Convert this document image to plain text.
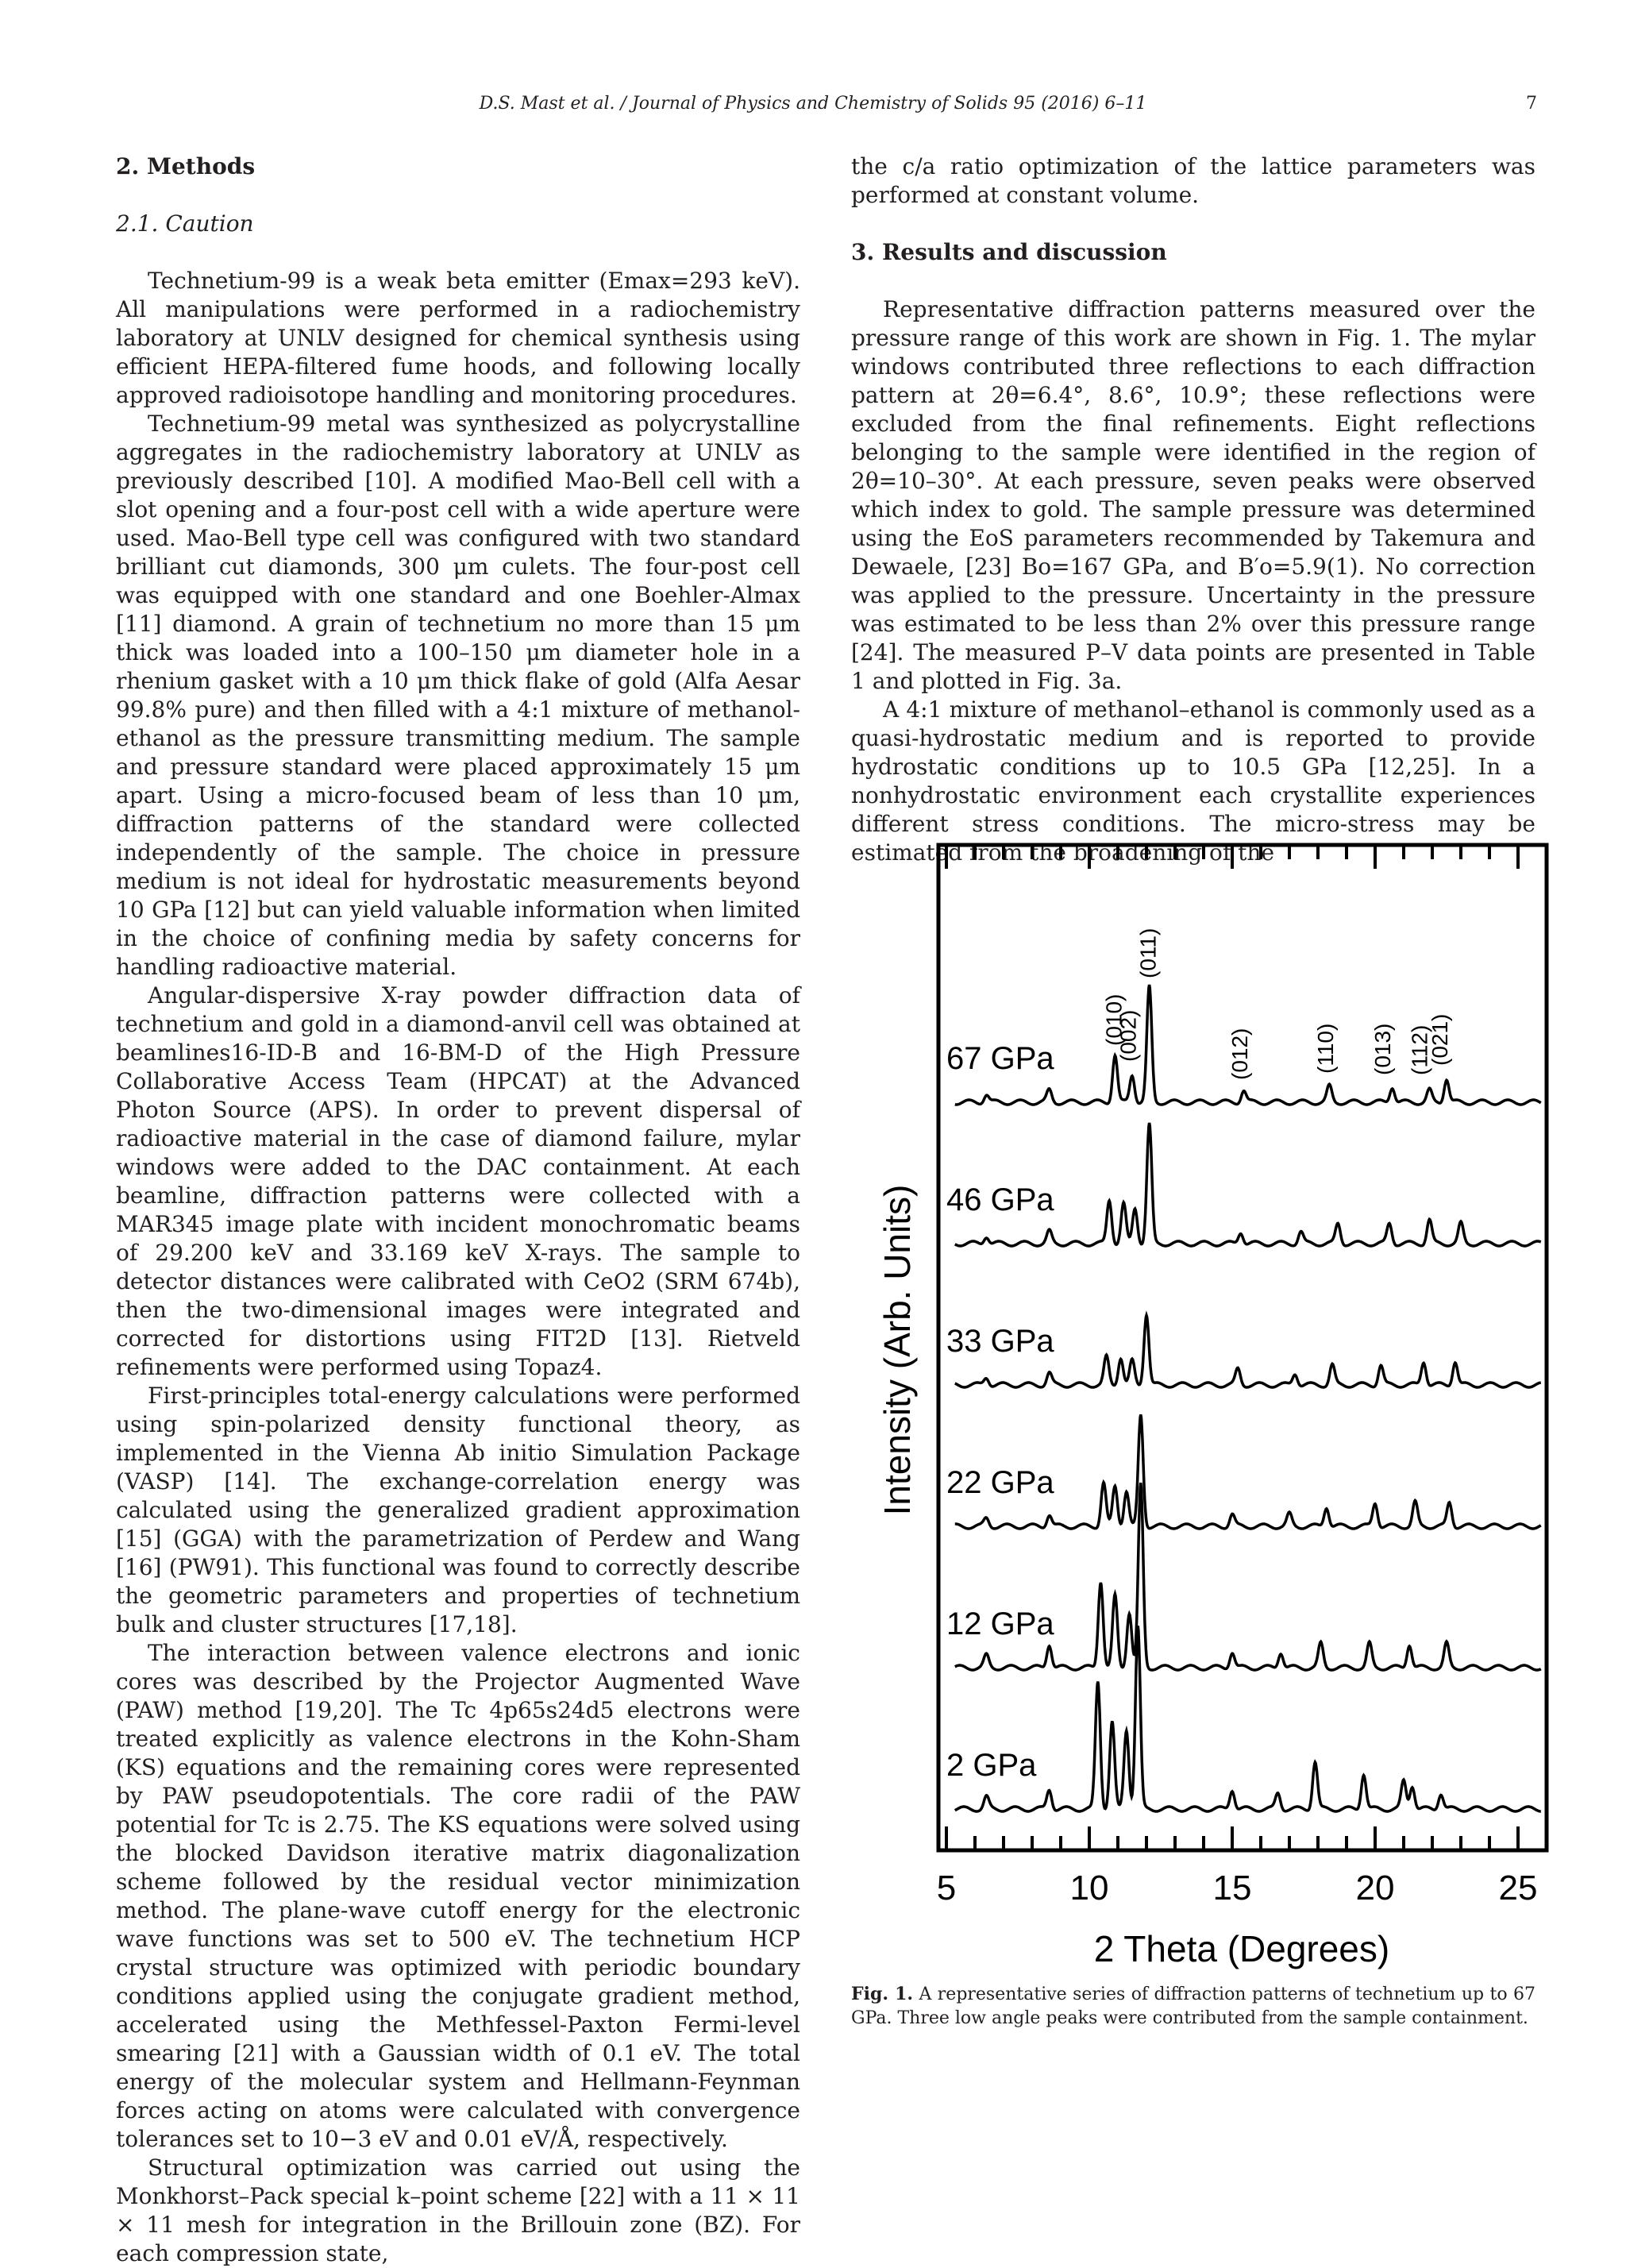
D.S. Mast et al. / Journal of Physics and Chemistry of Solids 95 (2016) 6–11	7
2. Methods
2.1. Caution

Technetium-99 is a weak beta emitter (Emax=293 keV). All manipulations were performed in a radiochemistry laboratory at UNLV designed for chemical synthesis using efficient HEPA-filtered fume hoods, and following locally approved radioisotope handling and monitoring procedures.

Technetium-99 metal was synthesized as polycrystalline aggregates in the radiochemistry laboratory at UNLV as previously described [10]. A modified Mao-Bell cell with a slot opening and a four-post cell with a wide aperture were used. Mao-Bell type cell was configured with two standard brilliant cut diamonds, 300 μm culets. The four-post cell was equipped with one standard and one Boehler-Almax [11] diamond. A grain of technetium no more than 15 μm thick was loaded into a 100–150 μm diameter hole in a rhenium gasket with a 10 μm thick flake of gold (Alfa Aesar 99.8% pure) and then filled with a 4:1 mixture of methanol-ethanol as the pressure transmitting medium. The sample and pressure standard were placed approximately 15 μm apart. Using a micro-focused beam of less than 10 μm, diffraction patterns of the standard were collected independently of the sample. The choice in pressure medium is not ideal for hydrostatic measurements beyond 10 GPa [12] but can yield valuable information when limited in the choice of confining media by safety concerns for handling radioactive material.

Angular-dispersive X-ray powder diffraction data of technetium and gold in a diamond-anvil cell was obtained at beamlines16-ID-B and 16-BM-D of the High Pressure Collaborative Access Team (HPCAT) at the Advanced Photon Source (APS). In order to prevent dispersal of radioactive material in the case of diamond failure, mylar windows were added to the DAC containment. At each beamline, diffraction patterns were collected with a MAR345 image plate with incident monochromatic beams of 29.200 keV and 33.169 keV X-rays. The sample to detector distances were calibrated with CeO2 (SRM 674b), then the two-dimensional images were integrated and corrected for distortions using FIT2D [13]. Rietveld refinements were performed using Topaz4.

First-principles total-energy calculations were performed using spin-polarized density functional theory, as implemented in the Vienna Ab initio Simulation Package (VASP) [14]. The exchange-correlation energy was calculated using the generalized gradient approximation [15] (GGA) with the parametrization of Perdew and Wang [16] (PW91). This functional was found to correctly describe the geometric parameters and properties of technetium bulk and cluster structures [17,18].

The interaction between valence electrons and ionic cores was described by the Projector Augmented Wave (PAW) method [19,20]. The Tc 4p65s24d5 electrons were treated explicitly as valence electrons in the Kohn-Sham (KS) equations and the remaining cores were represented by PAW pseudopotentials. The core radii of the PAW potential for Tc is 2.75. The KS equations were solved using the blocked Davidson iterative matrix diagonalization scheme followed by the residual vector minimization method. The plane-wave cutoff energy for the electronic wave functions was set to 500 eV. The technetium HCP crystal structure was optimized with periodic boundary conditions applied using the conjugate gradient method, accelerated using the Methfessel-Paxton Fermi-level smearing [21] with a Gaussian width of 0.1 eV. The total energy of the molecular system and Hellmann-Feynman forces acting on atoms were calculated with convergence tolerances set to 10−3 eV and 0.01 eV/Å, respectively.

Structural optimization was carried out using the Monkhorst–Pack special k–point scheme [22] with a 11 × 11 × 11 mesh for integration in the Brillouin zone (BZ). For each compression state,

the c/a ratio optimization of the lattice parameters was performed at constant volume.

3. Results and discussion

Representative diffraction patterns measured over the pressure range of this work are shown in Fig. 1. The mylar windows contributed three reflections to each diffraction pattern at 2θ=6.4°, 8.6°, 10.9°; these reflections were excluded from the final refinements. Eight reflections belonging to the sample were identified in the region of 2θ=10–30°. At each pressure, seven peaks were observed which index to gold. The sample pressure was determined using the EoS parameters recommended by Takemura and Dewaele, [23] Bo=167 GPa, and B′o=5.9(1). No correction was applied to the pressure. Uncertainty in the pressure was estimated to be less than 2% over this pressure range [24]. The measured P–V data points are presented in Table 1 and plotted in Fig. 3a.

A 4:1 mixture of methanol–ethanol is commonly used as a quasi-hydrostatic medium and is reported to provide hydrostatic conditions up to 10.5 GPa [12,25]. In a nonhydrostatic environment each crystallite experiences different stress conditions. The micro-stress may be estimated from the broadening of the

2 GPa
12 GPa
22 GPa
33 GPa
46 GPa
67 GPa
(010)
(002)
(011)
(012)	(110) (013) (112)
(021)
5	10	15	20	25
2 Theta (Degrees)
Intensity (Arb. Units)
Fig. 1. A representative series of diffraction patterns of technetium up to 67 GPa. Three low angle peaks were contributed from the sample containment.
